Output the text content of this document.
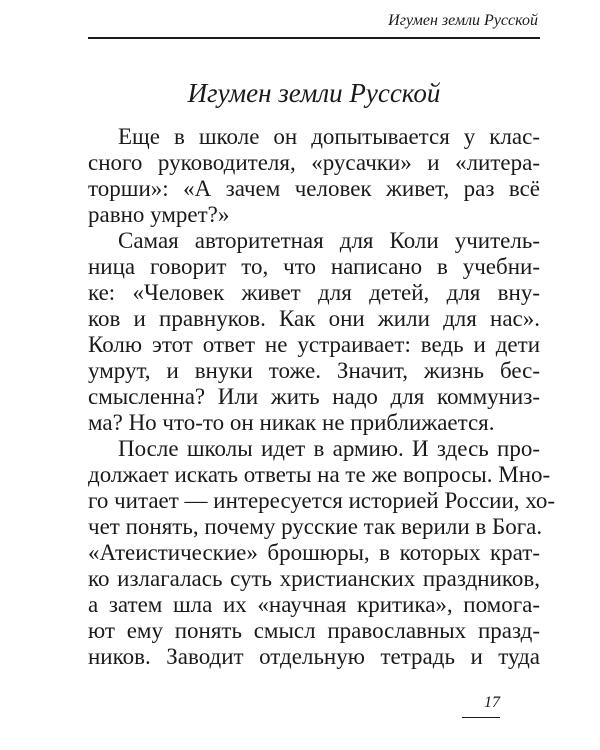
Игумен земли Русской
Игумен земли Русской
Еще в школе он допытывается у клас-
сного руководителя, «русачки» и «литера-
торши»: «А зачем человек живет, раз всё
равно умрет?»
Самая авторитетная для Коли учитель-
ница говорит то, что написано в учебни-
ке: «Человек живет для детей, для вну-
ков и правнуков. Как они жили для нас».
Колю этот ответ не устраивает: ведь и дети
умрут, и внуки тоже. Значит, жизнь бес-
смысленна? Или жить надо для коммуниз-
ма? Но что-то он никак не приближается.
После школы идет в армию. И здесь про-
должает искать ответы на те же вопросы. Мно-
го читает — интересуется историей России, хо-
чет понять, почему русские так верили в Бога.
«Атеистические» брошюры, в которых крат-
ко излагалась суть христианских праздников,
а затем шла их «научная критика», помога-
ют ему понять смысл православных празд-
ников. Заводит отдельную тетрадь и туда
17
